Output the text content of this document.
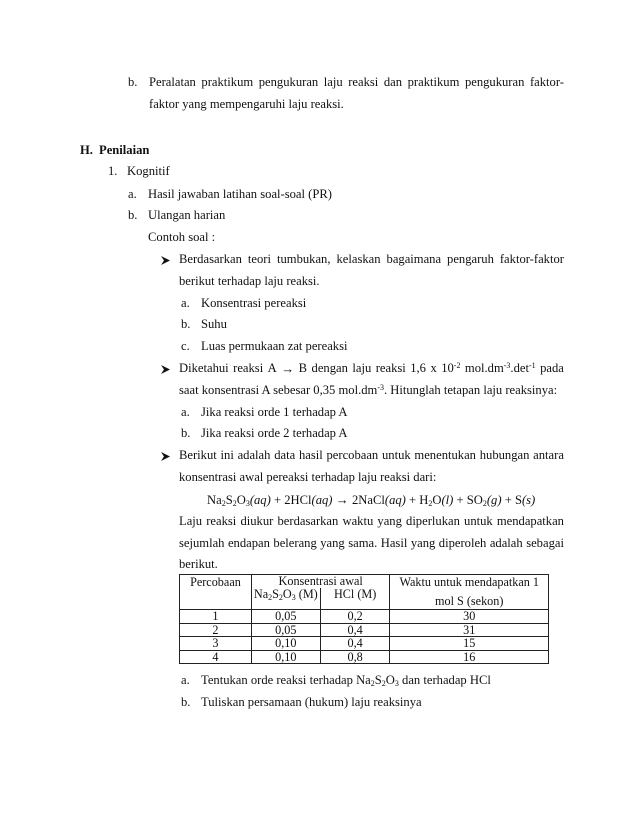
b. Peralatan praktikum pengukuran laju reaksi dan praktikum pengukuran faktor-
faktor yang mempengaruhi laju reaksi.
H. Penilaian
1. Kognitif
a. Hasil jawaban latihan soal-soal (PR)
b. Ulangan harian
Contoh soal :
Berdasarkan teori tumbukan, kelaskan bagaimana pengaruh faktor-faktor
berikut terhadap laju reaksi.
a. Konsentrasi pereaksi
b. Suhu
c. Luas permukaan zat pereaksi
Diketahui reaksi A → B dengan laju reaksi 1,6 x $10^{-2}$ $mol.dm^{-3}.\det^{-1}$ pada
saat konsentrasi A sebesar 0,35 $mol.dm^{-3}$. Hitunglah tetapan laju reaksinya:
a. Jika reaksi orde 1 terhadap A
b. Jika reaksi orde 2 terhadap A
Berikut ini adalah data hasil percobaan untuk menentukan hubungan antara
konsentrasi awal pereaksi terhadap laju reaksi dari:
$Na_2S_2O_3(aq) + 2HCl(aq)$ → 2NaCl(aq) + $H_2O(l) + SO_2(g) + S(s)$
Laju reaksi diukur berdasarkan waktu yang diperlukan untuk mendapatkan
sejumlah endapan belerang yang sama. Hasil yang diperoleh adalah sebagai
berikut.
Percobaan	Konsentrasi awal		Waktu untuk mendapatkan 1
mol S (sekon)

	$Na_2S_2O_3$ (M)	HCl (M)	
1	0,05	0,2	30
2	0,05	0,4	31
3	0,10	0,4	15
4	0,10	0,8	16
a. Tentukan orde reaksi terhadap $Na_2S_2O_3$ dan terhadap HCl
b. Tuliskan persamaan (hukum) laju reaksinya
